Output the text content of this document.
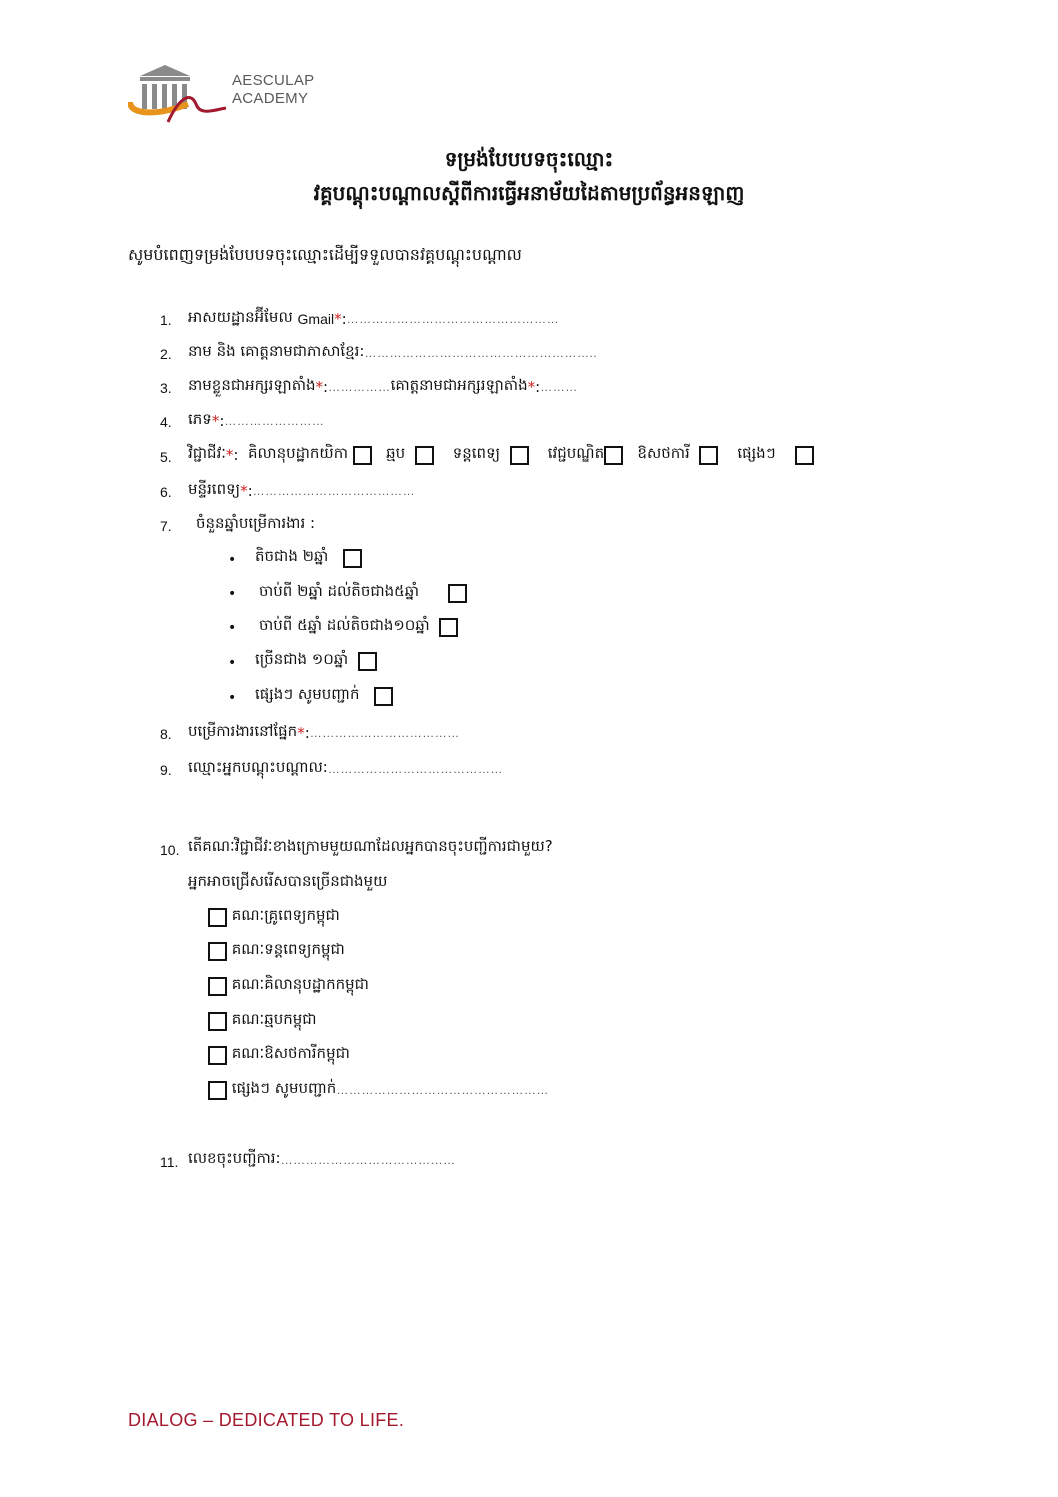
AESCULAP
ACADEMY
ទម្រង់បែបបទចុះឈ្មោះ
វគ្គបណ្តុះបណ្តាលស្តីពីការធ្វើអនាម័យដៃតាមប្រព័ន្ធអនឡាញ
សូមបំពេញទម្រង់បែបបទចុះឈ្មោះដើម្បីទទួលបានវគ្គបណ្តុះបណ្តាល
1. អាសយដ្ឋានអ៊ីមែល
Gmail * : ……………………………………………
2. នាម និង គោត្តនាមជាភាសាខ្មែរ: ………………………………………………..
3. នាមខ្លួនជាអក្សរឡាតាំង * : …………… គោត្តនាមជាអក្សរឡាតាំង * : ………
4. ភេទ * : ……………………
5. វិជ្ជាជីវៈ * : គិលានុបដ្ឋាកយិកា

	ឆ្មប

	ទន្តពេទ្យ

	វេជ្ជបណ្ឌិត
ឱសថការី

	ផ្សេងៗ

6. មន្ទីរពេទ្យ * : …………………………………
7. ចំនួនឆ្នាំបម្រើការងារ :
• តិចជាង ២ឆ្នាំ

• ចាប់ពី ២ឆ្នាំ ដល់តិចជាង៥ឆ្នាំ

• ចាប់ពី ៥ឆ្នាំ ដល់តិចជាង១០ឆ្នាំ

• ច្រើនជាង ១០ឆ្នាំ

• ផ្សេងៗ សូមបញ្ជាក់

8. បម្រើការងារនៅផ្នែក * : ………………………………
9. ឈ្មោះអ្នកបណ្តុះបណ្តាល: ……………………………………
10. តើគណៈវិជ្ជាជីវៈខាងក្រោមមួយណាដែលអ្នកបានចុះបញ្ជីការជាមួយ?
អ្នកអាចជ្រើសរើសបានច្រើនជាងមួយ

គណៈគ្រូពេទ្យកម្ពុជា

គណៈទន្តពេទ្យកម្ពុជា

គណៈគិលានុបដ្ឋាកកម្ពុជា

គណៈឆ្មបកម្ពុជា

គណៈឱសថការីកម្ពុជា

ផ្សេងៗ សូមបញ្ជាក់ ……………………………………………
11. លេខចុះបញ្ជីការ: ……………………………………
DIALOG – DEDICATED TO LIFE.
